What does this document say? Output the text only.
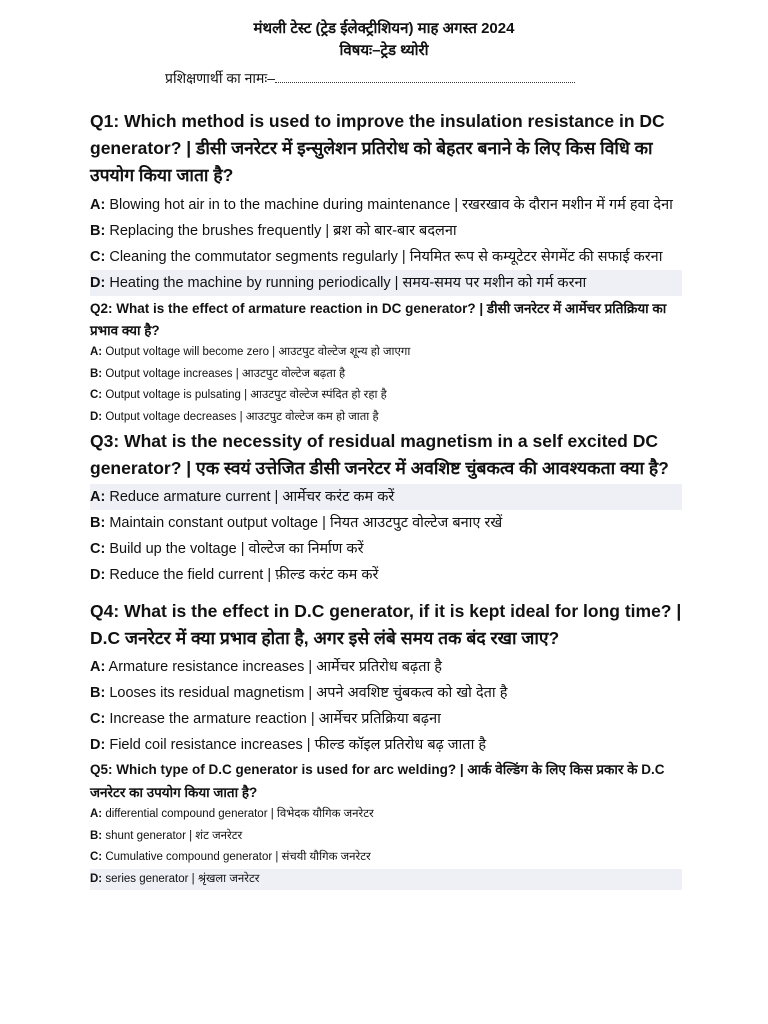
मंथली टेस्ट (ट्रेड ईलेक्ट्रीशियन) माह अगस्त 2024
विषयः–ट्रेड थ्योरी
प्रशिक्षणार्थी का नामः–

Q1: Which method is used to improve the insulation resistance in DC generator? | डीसी जनरेटर में इन्सुलेशन प्रतिरोध को बेहतर बनाने के लिए किस विधि का उपयोग किया जाता है?

A: Blowing hot air in to the machine during maintenance | रखरखाव के दौरान मशीन में गर्म हवा देना

B: Replacing the brushes frequently | ब्रश को बार-बार बदलना

C: Cleaning the commutator segments regularly | नियमित रूप से कम्यूटेटर सेगमेंट की सफाई करना

D: Heating the machine by running periodically | समय-समय पर मशीन को गर्म करना

Q2: What is the effect of armature reaction in DC generator? | डीसी जनरेटर में आर्मेचर प्रतिक्रिया का प्रभाव क्या है?

A: Output voltage will become zero | आउटपुट वोल्टेज शून्य हो जाएगा

B: Output voltage increases | आउटपुट वोल्टेज बढ़ता है

C: Output voltage is pulsating | आउटपुट वोल्टेज स्पंदित हो रहा है

D: Output voltage decreases | आउटपुट वोल्टेज कम हो जाता है

Q3: What is the necessity of residual magnetism in a self excited DC generator? | एक स्वयं उत्तेजित डीसी जनरेटर में अवशिष्ट चुंबकत्व की आवश्यकता क्या है?

A: Reduce armature current | आर्मेचर करंट कम करें

B: Maintain constant output voltage | नियत आउटपुट वोल्टेज बनाए रखें

C: Build up the voltage | वोल्टेज का निर्माण करें

D: Reduce the field current | फ़ील्ड करंट कम करें

Q4: What is the effect in D.C generator, if it is kept ideal for long time? | D.C जनरेटर में क्या प्रभाव होता है, अगर इसे लंबे समय तक बंद रखा जाए?

A: Armature resistance increases | आर्मेचर प्रतिरोध बढ़ता है

B: Looses its residual magnetism | अपने अवशिष्ट चुंबकत्व को खो देता है

C: Increase the armature reaction | आर्मेचर प्रतिक्रिया बढ़ना

D: Field coil resistance increases | फील्ड कॉइल प्रतिरोध बढ़ जाता है

Q5: Which type of D.C generator is used for arc welding? | आर्क वेल्डिंग के लिए किस प्रकार के D.C जनरेटर का उपयोग किया जाता है?

A: differential compound generator | विभेदक यौगिक जनरेटर

B: shunt generator | शंट जनरेटर

C: Cumulative compound generator | संचयी यौगिक जनरेटर

D: series generator | श्रृंखला जनरेटर
